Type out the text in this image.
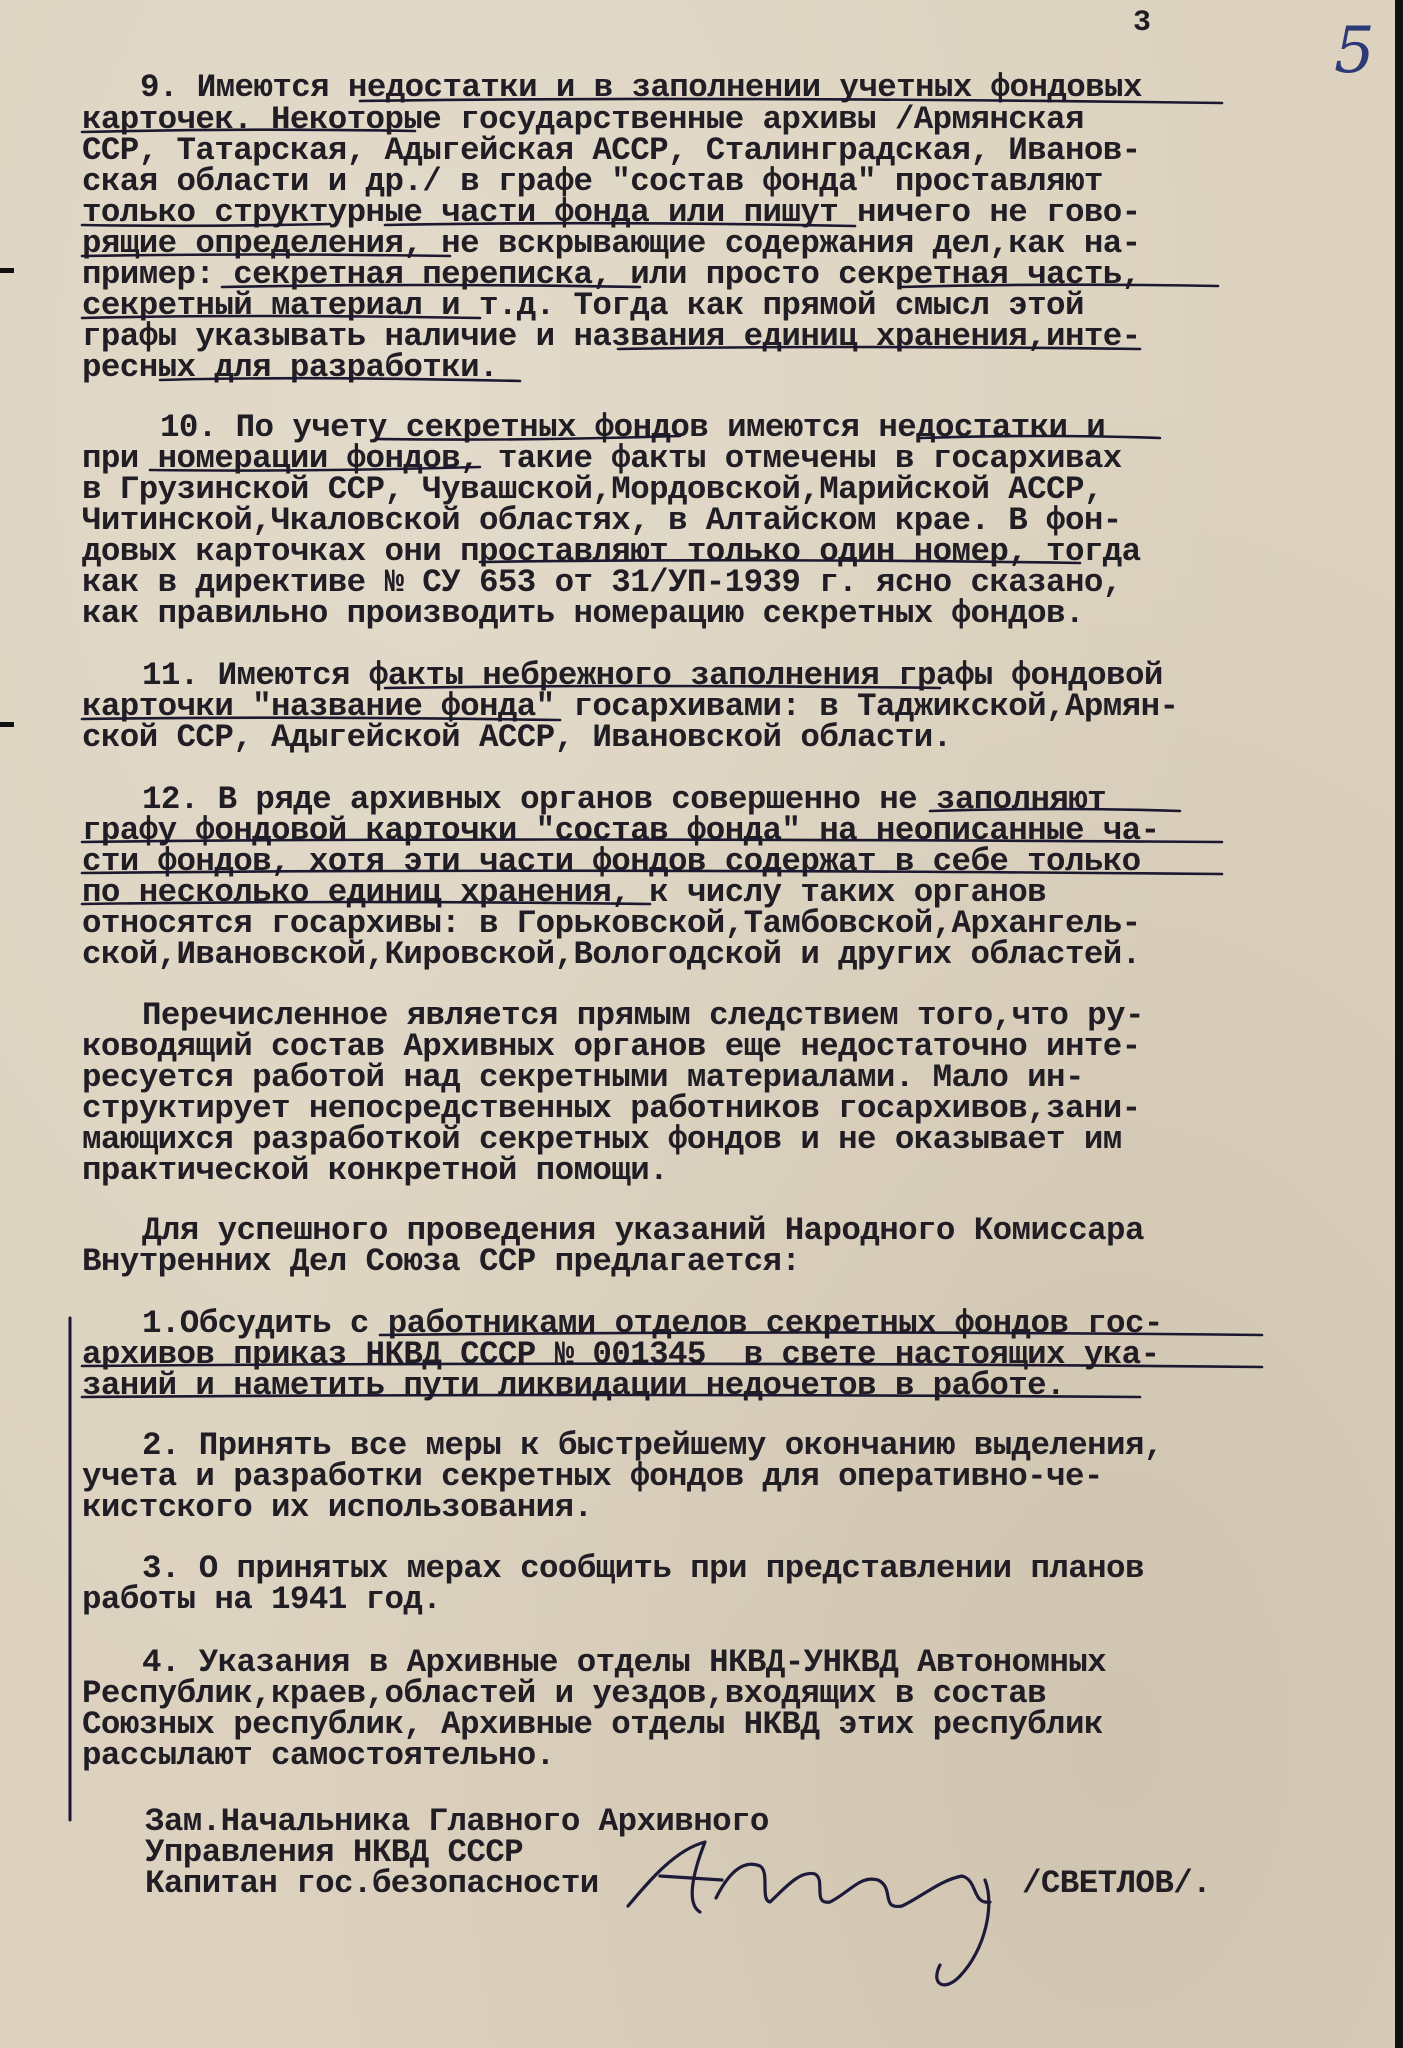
3	5

9. Имеются недостатки и в заполнении учетных фондовых

карточек. Некоторые государственные архивы /Армянская

ССР, Татарская, Адыгейская АССР, Сталинградская, Иванов-

ская области и др./ в графе "состав фонда" проставляют

только структурные части фонда или пишут ничего не гово-

рящие определения, не вскрывающие содержания дел,как на-

пример: секретная переписка, или просто секретная часть,

секретный материал и т.д. Тогда как прямой смысл этой

графы указывать наличие и названия единиц хранения,инте-

ресных для разработки.

10. По учету секретных фондов имеются недостатки и

при номерации фондов, такие факты отмечены в госархивах

в Грузинской ССР, Чувашской,Мордовской,Марийской АССР,

Читинской,Чкаловской областях, в Алтайском крае. В фон-

довых карточках они проставляют только один номер, тогда

как в директиве № СУ 653 от 31/УП-1939 г. ясно сказано,

как правильно производить номерацию секретных фондов.

11. Имеются факты небрежного заполнения графы фондовой

карточки "название фонда" госархивами: в Таджикской,Армян-

ской ССР, Адыгейской АССР, Ивановской области.

12. В ряде архивных органов совершенно не заполняют

графу фондовой карточки "состав фонда" на неописанные ча-

сти фондов, хотя эти части фондов содержат в себе только

по несколько единиц хранения, к числу таких органов

относятся госархивы: в Горьковской,Тамбовской,Архангель-

ской,Ивановской,Кировской,Вологодской и других областей.

Перечисленное является прямым следствием того,что ру-

ководящий состав Архивных органов еще недостаточно инте-

ресуется работой над секретными материалами. Мало ин-

структирует непосредственных работников госархивов,зани-

мающихся разработкой секретных фондов и не оказывает им

практической конкретной помощи.

Для успешного проведения указаний Народного Комиссара

Внутренних Дел Союза ССР предлагается:

1.Обсудить с работниками отделов секретных фондов гос-

архивов приказ НКВД СССР № 001345  в свете настоящих ука-

заний и наметить пути ликвидации недочетов в работе.

2. Принять все меры к быстрейшему окончанию выделения,

учета и разработки секретных фондов для оперативно-че-

кистского их использования.

3. О принятых мерах сообщить при представлении планов

работы на 1941 год.

4. Указания в Архивные отделы НКВД-УНКВД Автономных

Республик,краев,областей и уездов,входящих в состав

Союзных республик, Архивные отделы НКВД этих республик

рассылают самостоятельно.

Зам.Начальника Главного Архивного

Управления НКВД СССР

Капитан гос.безопасности	/СВЕТЛОВ/.
